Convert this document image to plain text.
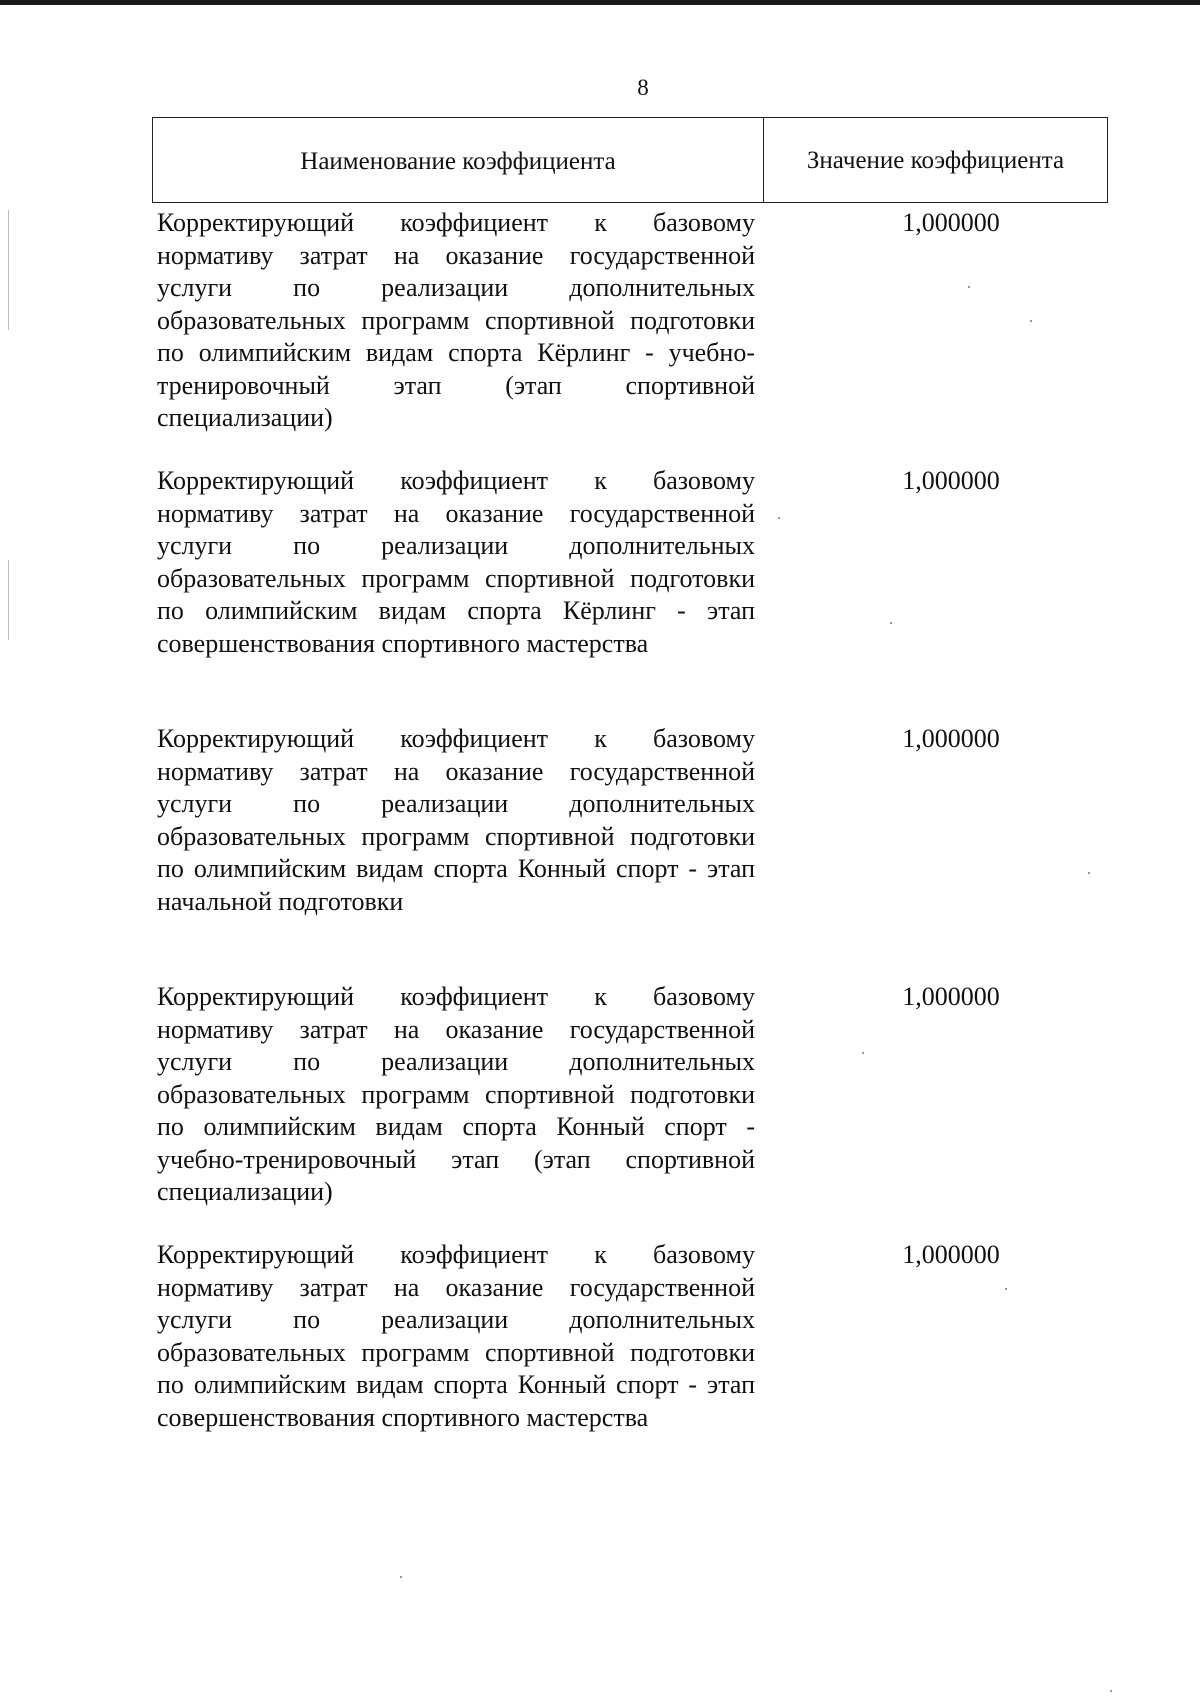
8
Наименование коэффициента	Значение коэффициента
Корректирующий коэффициент к базовому нормативу затрат на оказание государственной услуги по реализации дополнительных образовательных программ спортивной подготовки по олимпийским видам спорта Кёрлинг - учебно-тренировочный этап (этап спортивной специализации)
1,000000
Корректирующий коэффициент к базовому нормативу затрат на оказание государственной услуги по реализации дополнительных образовательных программ спортивной подготовки по олимпийским видам спорта Кёрлинг - этап совершенствования спортивного мастерства
1,000000
Корректирующий коэффициент к базовому нормативу затрат на оказание государственной услуги по реализации дополнительных образовательных программ спортивной подготовки по олимпийским видам спорта Конный спорт - этап начальной подготовки
1,000000
Корректирующий коэффициент к базовому нормативу затрат на оказание государственной услуги по реализации дополнительных образовательных программ спортивной подготовки по олимпийским видам спорта Конный спорт - учебно-тренировочный этап (этап спортивной специализации)
1,000000
Корректирующий коэффициент к базовому нормативу затрат на оказание государственной услуги по реализации дополнительных образовательных программ спортивной подготовки по олимпийским видам спорта Конный спорт - этап совершенствования спортивного мастерства
1,000000
